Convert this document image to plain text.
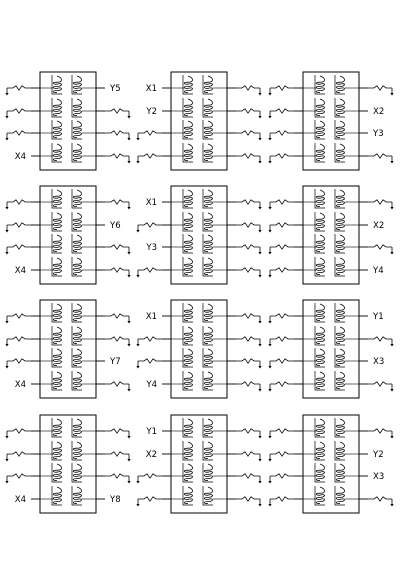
Y5
X4
X1
Y2	X2
Y3
Y6
X4
X1
Y3
X2
Y4
Y7
X4
X1
Y4
Y1
X3
X4	Y8
Y1
X2	Y2
X3
